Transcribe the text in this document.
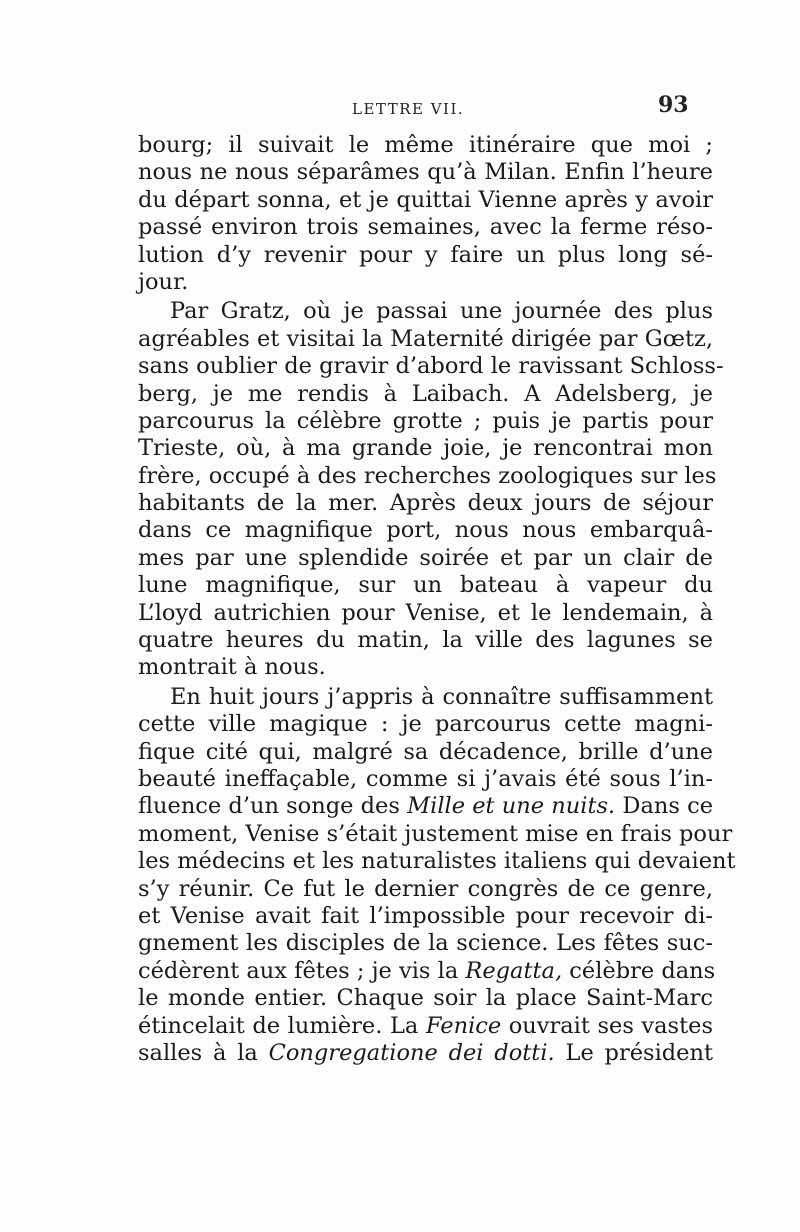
LETTRE VII.	93
bourg; il suivait le même itinéraire que moi ;
nous ne nous séparâmes qu’à Milan. Enfin l’heure
du départ sonna, et je quittai Vienne après y avoir
passé environ trois semaines, avec la ferme réso-
lution d’y revenir pour y faire un plus long sé-
jour.
Par Gratz, où je passai une journée des plus
agréables et visitai la Maternité dirigée par Gœtz,
sans oublier de gravir d’abord le ravissant Schloss-
berg, je me rendis à Laibach. A Adelsberg, je
parcourus la célèbre grotte ; puis je partis pour
Trieste, où, à ma grande joie, je rencontrai mon
frère, occupé à des recherches zoologiques sur les
habitants de la mer. Après deux jours de séjour
dans ce magnifique port, nous nous embarquâ-
mes par une splendide soirée et par un clair de
lune magnifique, sur un bateau à vapeur du
L’loyd autrichien pour Venise, et le lendemain, à
quatre heures du matin, la ville des lagunes se
montrait à nous.
En huit jours j’appris à connaître suffisamment
cette ville magique : je parcourus cette magni-
fique cité qui, malgré sa décadence, brille d’une
beauté ineffaçable, comme si j’avais été sous l’in-
fluence d’un songe des Mille et une nuits. Dans ce
moment, Venise s’était justement mise en frais pour
les médecins et les naturalistes italiens qui devaient
s’y réunir. Ce fut le dernier congrès de ce genre,
et Venise avait fait l’impossible pour recevoir di-
gnement les disciples de la science. Les fêtes suc-
cédèrent aux fêtes ; je vis la Regatta, célèbre dans
le monde entier. Chaque soir la place Saint-Marc
étincelait de lumière. La Fenice ouvrait ses vastes
salles à la Congregatione dei dotti. Le président
